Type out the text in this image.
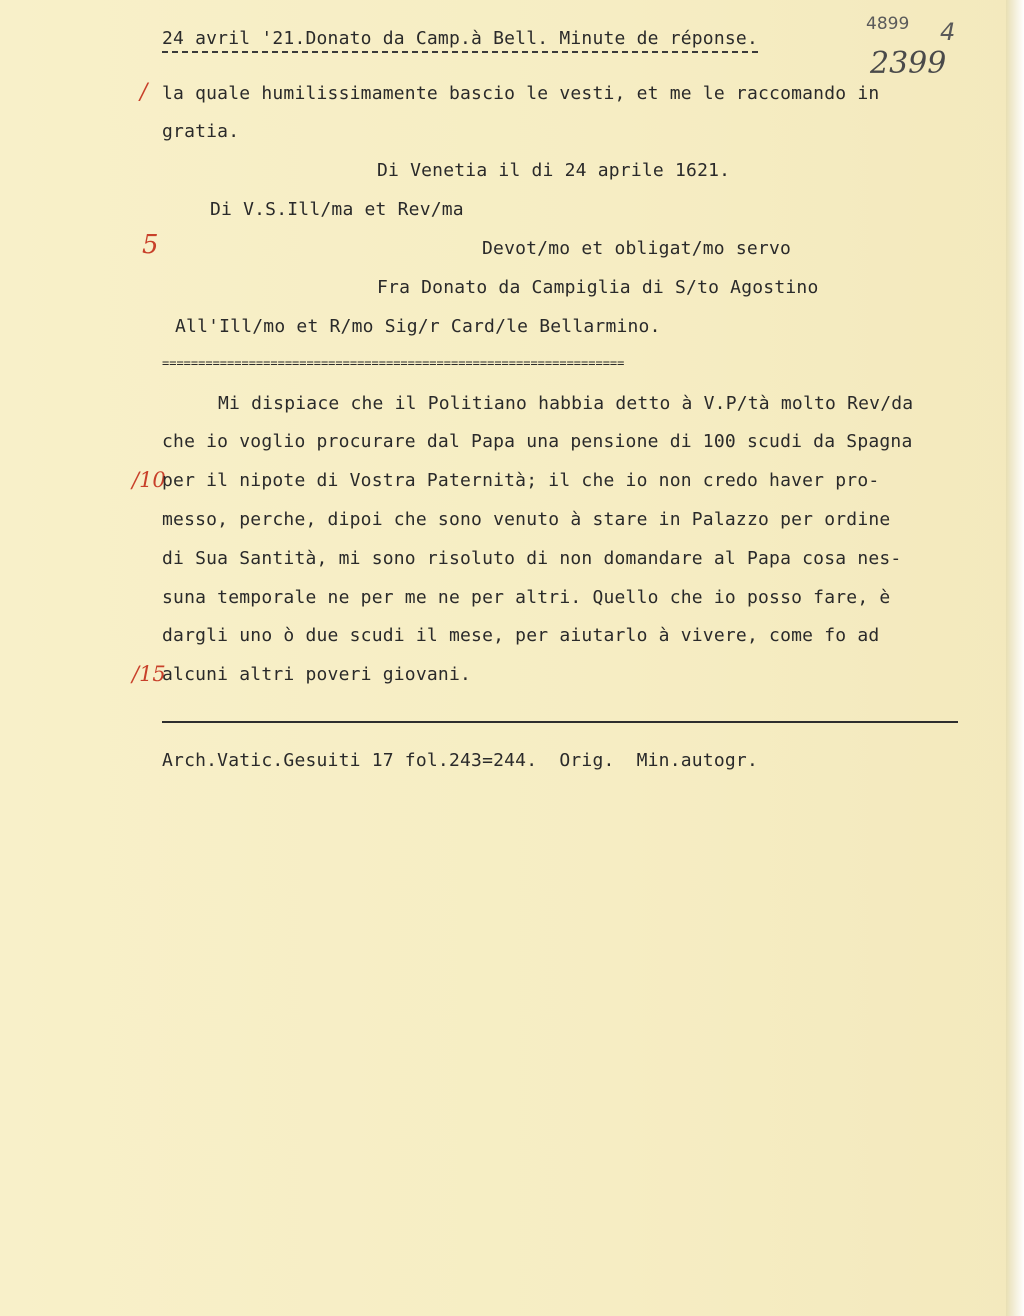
24 avril '21.Donato da Camp.à Bell. Minute de réponse.
4899 4
2399
/
5
/10
/15
la quale humilissimamente bascio le vesti, et me le raccomando in
gratia.
Di Venetia il di 24 aprile 1621.
Di V.S.Ill/ma et Rev/ma
Devot/mo et obligat/mo servo
Fra Donato da Campiglia di S/to Agostino
All'Ill/mo et R/mo Sig/r Card/le Bellarmino.
================================================================
Mi dispiace che il Politiano habbia detto à V.P/tà molto Rev/da
che io voglio procurare dal Papa una pensione di 100 scudi da Spagna
per il nipote di Vostra Paternità; il che io non credo haver pro-
messo, perche, dipoi che sono venuto à stare in Palazzo per ordine
di Sua Santità, mi sono risoluto di non domandare al Papa cosa nes-
suna temporale ne per me ne per altri. Quello che io posso fare, è
dargli uno ò due scudi il mese, per aiutarlo à vivere, come fo ad
alcuni altri poveri giovani.
Arch.Vatic.Gesuiti 17 fol.243=244.  Orig.  Min.autogr.
